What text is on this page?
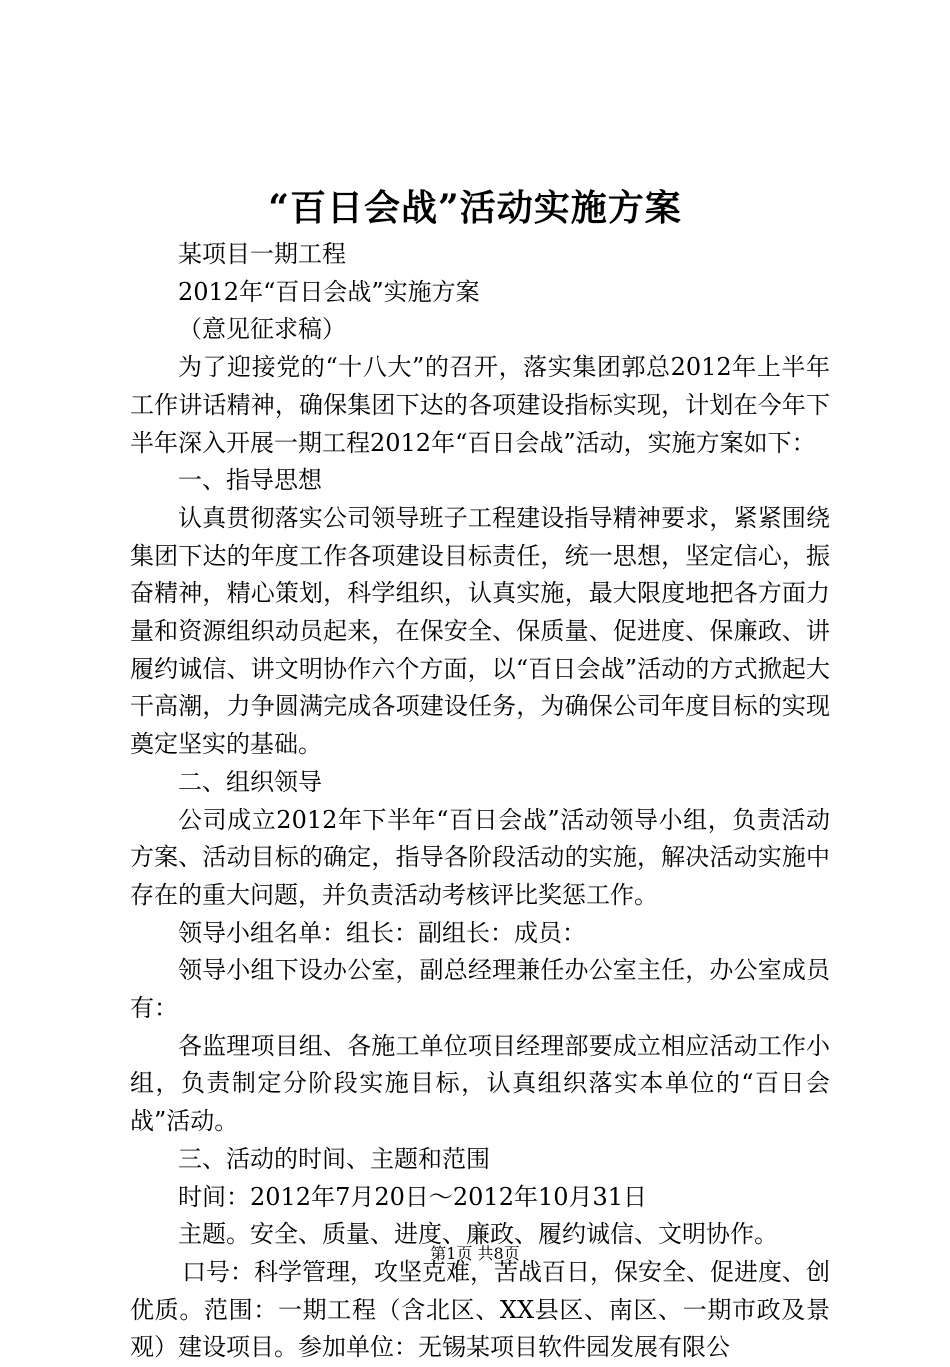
“百日会战”活动实施方案

某项目一期工程

2012年“百日会战”实施方案

（意见征求稿）

为了迎接党的“十八大”的召开，落实集团郭总2012年上半年工作讲话精神，确保集团下达的各项建设指标实现，计划在今年下半年深入开展一期工程2012年“百日会战”活动，实施方案如下：

一、指导思想

认真贯彻落实公司领导班子工程建设指导精神要求，紧紧围绕集团下达的年度工作各项建设目标责任，统一思想，坚定信心，振奋精神，精心策划，科学组织，认真实施，最大限度地把各方面力量和资源组织动员起来，在保安全、保质量、促进度、保廉政、讲履约诚信、讲文明协作六个方面，以“百日会战”活动的方式掀起大干高潮，力争圆满完成各项建设任务，为确保公司年度目标的实现奠定坚实的基础。

二、组织领导

公司成立2012年下半年“百日会战”活动领导小组，负责活动方案、活动目标的确定，指导各阶段活动的实施，解决活动实施中存在的重大问题，并负责活动考核评比奖惩工作。

领导小组名单：组长：副组长：成员：

领导小组下设办公室，副总经理兼任办公室主任，办公室成员有：

各监理项目组、各施工单位项目经理部要成立相应活动工作小组，负责制定分阶段实施目标，认真组织落实本单位的“百日会战”活动。

三、活动的时间、主题和范围

时间：2012年7月20日～2012年10月31日

主题。安全、质量、进度、廉政、履约诚信、文明协作。

口号：科学管理，攻坚克难，苦战百日，保安全、促进度、创优质。范围：一期工程（含北区、XX县区、南区、一期市政及景观）建设项目。参加单位：无锡某项目软件园发展有限公

第1页 共8页
